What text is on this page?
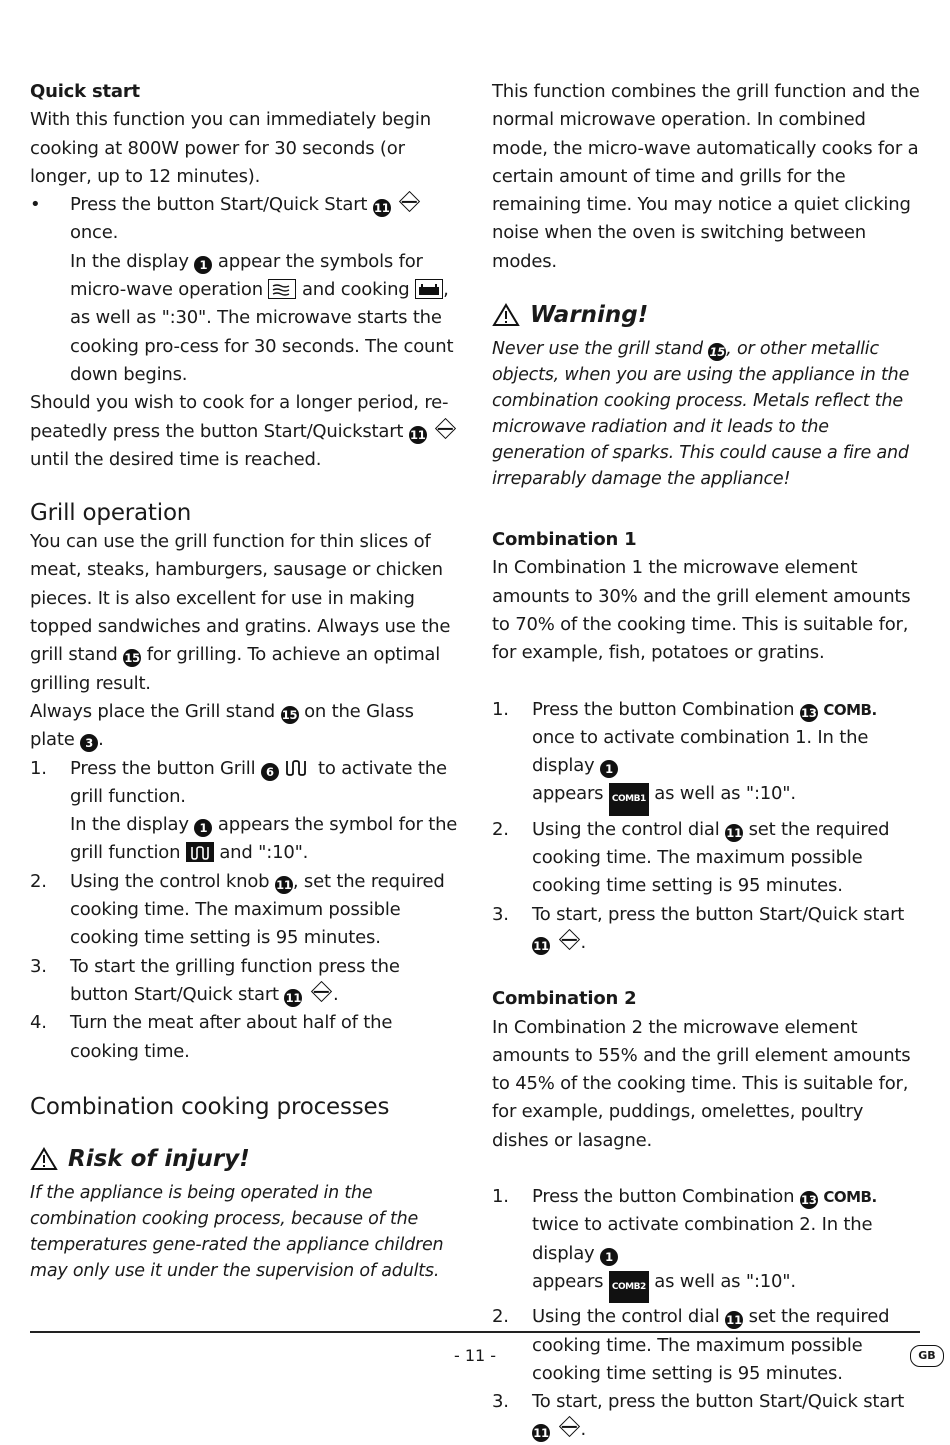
Quick start

With this function you can immediately begin cooking at 800W power for 30 seconds (or longer, up to 12 minutes).

•	Press the button Start/Quick Start 11  once.
In the display 1 appear the symbols for micro-wave operation and cooking , as well as ":30". The microwave starts the cooking pro-cess for 30 seconds. The count down begins.

Should you wish to cook for a longer period, re-peatedly press the button Start/Quickstart 11  until the desired time is reached.

Grill operation

You can use the grill function for thin slices of meat, steaks, hamburgers, sausage or chicken pieces. It is also excellent for use in making topped sandwiches and gratins. Always use the grill stand 15 for grilling. To achieve an optimal grilling result.

Always place the Grill stand 15 on the Glass plate 3 .

1.	Press the button Grill 6 to activate the grill function.
In the display 1 appears the symbol for the grill function and ":10".
2.	Using the control knob 11, set the required cooking time. The maximum possible cooking time setting is 95 minutes.
3.	To start the grilling function press the button Start/Quick start 11 .
4.	Turn the meat after about half of the cooking time.
Combination cooking processes
Risk of injury!

If the appliance is being operated in the combination cooking process, because of the temperatures gene-rated the appliance children may only use it under the supervision of adults.

This function combines the grill function and the normal microwave operation. In combined mode, the micro-wave automatically cooks for a certain amount of time and grills for the remaining time. You may notice a quiet clicking noise when the oven is switching between modes.

Warning!

Never use the grill stand 15, or other metallic objects, when you are using the appliance in the combination cooking process. Metals reflect the microwave radiation and it leads to the generation of sparks. This could cause a fire and irreparably damage the appliance!

Combination 1

In Combination 1 the microwave element amounts to 30% and the grill element amounts to 70% of the cooking time. This is suitable for, for example, fish, potatoes or gratins.

1.	Press the button Combination 13 COMB. once to activate combination 1. In the display 1
appears COMB1 as well as ":10".
2.	Using the control dial 11 set the required cooking time. The maximum possible cooking time setting is 95 minutes.
3.	To start, press the button Start/Quick start 11 .

Combination 2

In Combination 2 the microwave element amounts to 55% and the grill element amounts to 45% of the cooking time. This is suitable for, for example, puddings, omelettes, poultry dishes or lasagne.

1.	Press the button Combination 13 COMB. twice to activate combination 2. In the display 1
appears COMB2 as well as ":10".
2.	Using the control dial 11 set the required cooking time. The maximum possible cooking time setting is 95 minutes.
3.	To start, press the button Start/Quick start 11 .
- 11 -	GB
